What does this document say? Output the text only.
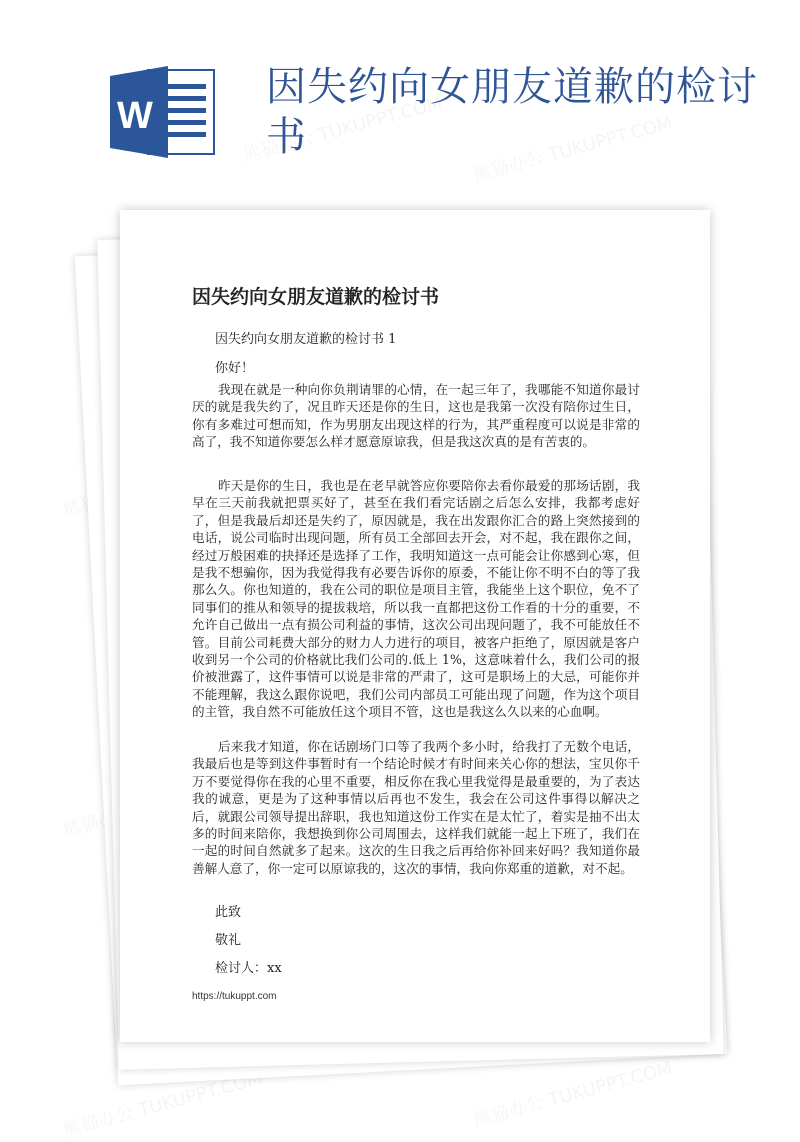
W
因失约向女朋友道歉的检讨书
因失约向女朋友道歉的检讨书
因失约向女朋友道歉的检讨书 1
你好！

我现在就是一种向你负荆请罪的心情，在一起三年了，我哪能不知道你最讨厌的就是我失约了，况且昨天还是你的生日，这也是我第一次没有陪你过生日，你有多难过可想而知，作为男朋友出现这样的行为，其严重程度可以说是非常的高了，我不知道你要怎么样才愿意原谅我，但是我这次真的是有苦衷的。

昨天是你的生日，我也是在老早就答应你要陪你去看你最爱的那场话剧，我早在三天前我就把票买好了，甚至在我们看完话剧之后怎么安排，我都考虑好了，但是我最后却还是失约了，原因就是，我在出发跟你汇合的路上突然接到的电话，说公司临时出现问题，所有员工全部回去开会，对不起，我在跟你之间，经过万般困难的抉择还是选择了工作，我明知道这一点可能会让你感到心寒，但是我不想骗你，因为我觉得我有必要告诉你的原委，不能让你不明不白的等了我那么久。你也知道的，我在公司的职位是项目主管，我能坐上这个职位，免不了同事们的推从和领导的提拔栽培，所以我一直都把这份工作看的十分的重要，不允许自己做出一点有损公司利益的事情，这次公司出现问题了，我不可能放任不管。目前公司耗费大部分的财力人力进行的项目，被客户拒绝了，原因就是客户收到另一个公司的价格就比我们公司的.低上 1%，这意味着什么，我们公司的报价被泄露了，这件事情可以说是非常的严肃了，这可是职场上的大忌，可能你并不能理解，我这么跟你说吧，我们公司内部员工可能出现了问题，作为这个项目的主管，我自然不可能放任这个项目不管，这也是我这么久以来的心血啊。

后来我才知道，你在话剧场门口等了我两个多小时，给我打了无数个电话，我最后也是等到这件事暂时有一个结论时候才有时间来关心你的想法，宝贝你千万不要觉得你在我的心里不重要，相反你在我心里我觉得是最重要的，为了表达我的诚意，更是为了这种事情以后再也不发生，我会在公司这件事得以解决之后，就跟公司领导提出辞职，我也知道这份工作实在是太忙了，着实是抽不出太多的时间来陪你，我想换到你公司周围去，这样我们就能一起上下班了，我们在一起的时间自然就多了起来。这次的生日我之后再给你补回来好吗？我知道你最善解人意了，你一定可以原谅我的，这次的事情，我向你郑重的道歉，对不起。

此致
敬礼
检讨人：xx
https://tukuppt.com
